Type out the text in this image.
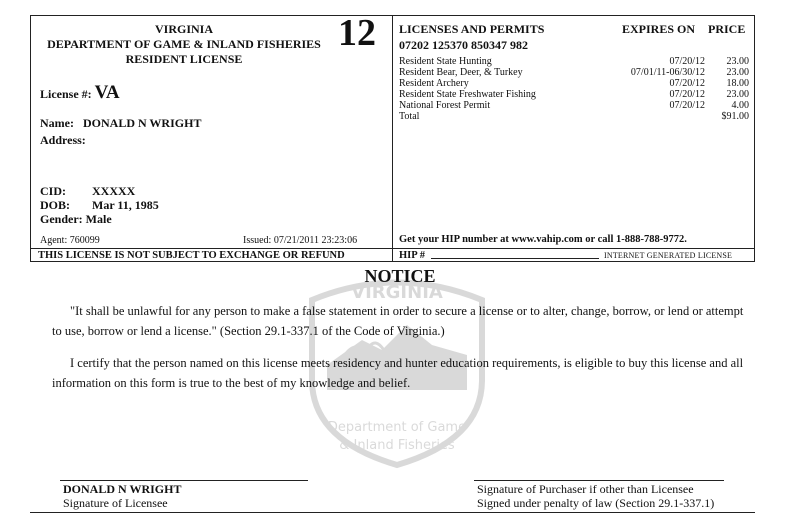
VIRGINIA
DEPARTMENT OF GAME & INLAND FISHERIES
RESIDENT LICENSE
12
License #: VA
Name: DONALD N WRIGHT
Address:
CID: XXXXX
DOB: Mar 11, 1985
Gender: Male
Agent: 760099	Issued: 07/21/2011 23:23:06
THIS LICENSE IS NOT SUBJECT TO EXCHANGE OR REFUND
LICENSES AND PERMITS	EXPIRES ON PRICE
07202 125370 850347 982
Resident State Hunting	07/20/12 23.00
Resident Bear, Deer, & Turkey	07/01/11-06/30/12 23.00
Resident Archery	07/20/12 18.00
Resident State Freshwater Fishing	07/20/12 23.00
National Forest Permit	07/20/12	4.00
Total	$91.00
Get your HIP number at www.vahip.com or call 1-888-788-9772.
HIP #	INTERNET GENERATED LICENSE
VIRGINIA
Department of Game
& Inland Fisheries
NOTICE
"It shall be unlawful for any person to make a false statement in order to secure a license or to alter, change, borrow, or lend or attempt to use, borrow or lend a license." (Section 29.1-337.1 of the Code of Virginia.)
I certify that the person named on this license meets residency and hunter education requirements, is eligible to buy this license and all information on this form is true to the best of my knowledge and belief.
DONALD N WRIGHT
Signature of Licensee
Signature of Purchaser if other than Licensee
Signed under penalty of law (Section 29.1-337.1)
